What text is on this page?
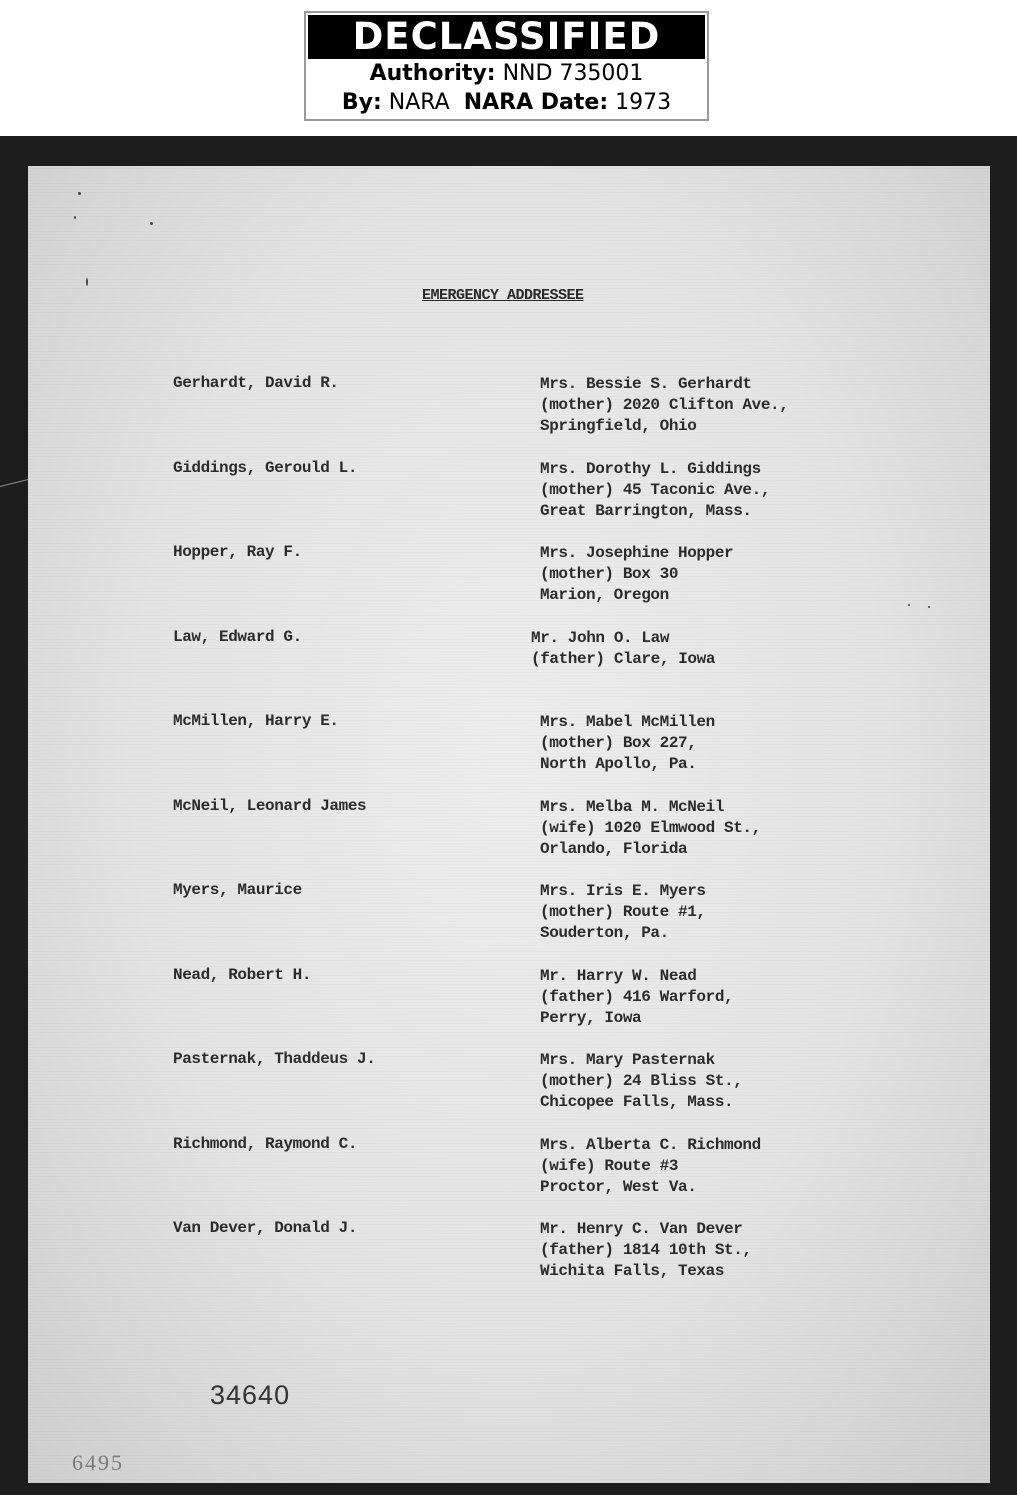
DECLASSIFIED
Authority: NND 735001
By: NARA NARA Date: 1973
EMERGENCY ADDRESSEE
Gerhardt, David R.	Mrs. Bessie S. Gerhardt
(mother) 2020 Clifton Ave.,
Springfield, Ohio
Giddings, Gerould L.	Mrs. Dorothy L. Giddings
(mother) 45 Taconic Ave.,
Great Barrington, Mass.
Hopper, Ray F.	Mrs. Josephine Hopper
(mother) Box 30
Marion, Oregon
Law, Edward G.	Mr. John O. Law
(father) Clare, Iowa
McMillen, Harry E.	Mrs. Mabel McMillen
(mother) Box 227,
North Apollo, Pa.
McNeil, Leonard James	Mrs. Melba M. McNeil
(wife) 1020 Elmwood St.,
Orlando, Florida
Myers, Maurice	Mrs. Iris E. Myers
(mother) Route #1,
Souderton, Pa.
Nead, Robert H.	Mr. Harry W. Nead
(father) 416 Warford,
Perry, Iowa
Pasternak, Thaddeus J.	Mrs. Mary Pasternak
(mother) 24 Bliss St.,
Chicopee Falls, Mass.
Richmond, Raymond C.	Mrs. Alberta C. Richmond
(wife) Route #3
Proctor, West Va.
Van Dever, Donald J.	Mr. Henry C. Van Dever
(father) 1814 10th St.,
Wichita Falls, Texas
34640
6495
